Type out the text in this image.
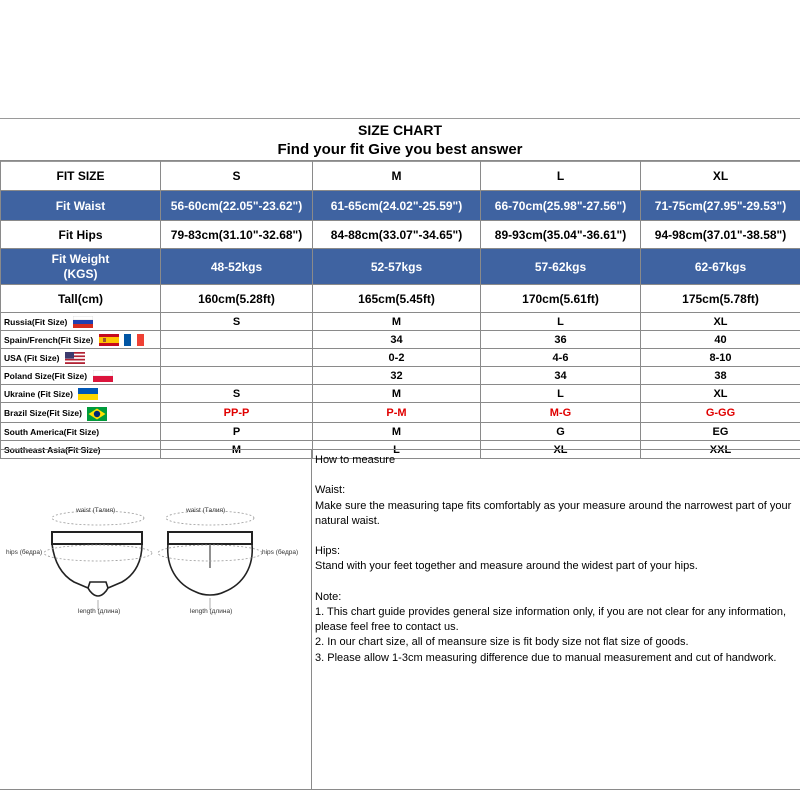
SIZE CHART
Find your fit Give you best answer
FIT SIZE	S	M	L	XL
Fit Waist	56-60cm(22.05"-23.62")	61-65cm(24.02"-25.59")	66-70cm(25.98"-27.56")	71-75cm(27.95"-29.53")
Fit Hips	79-83cm(31.10"-32.68")	84-88cm(33.07"-34.65")	89-93cm(35.04"-36.61")	94-98cm(37.01"-38.58")

Fit Weight
(KGS)	48-52kgs	52-57kgs	57-62kgs	62-67kgs
Tall(cm)	160cm(5.28ft)	165cm(5.45ft)	170cm(5.61ft)	175cm(5.78ft)
Russia(Fit Size)	S	M	L	XL
Spain/French(Fit Size)		34	36	40
USA (Fit Size)		0-2	4-6	8-10
Poland Size(Fit Size)		32	34	38
Ukraine (Fit Size)	S	M	L	XL
Brazil Size(Fit Size)	PP-P	P-M	M-G	G-GG
South America(Fit Size)	P	M	G	EG
Southeast Asia(Fit Size)	M	L	XL	XXL
waist (Талия)	waist (Талия)
hips (бедра)	hips (бедра)
length (длина)	length (длина)
How to measure
Waist:
Make sure the measuring tape fits comfortably as your measure around the narrowest part of your
natural waist.
Hips:
Stand with your feet together and measure around the widest part of your hips.
Note:
1. This chart guide provides general size information only, if you are not clear for any information,
please feel free to contact us.
2. In our chart size, all of meansure size is fit body size not flat size of goods.
3. Please allow 1-3cm measuring difference due to manual measurement and cut of handwork.
